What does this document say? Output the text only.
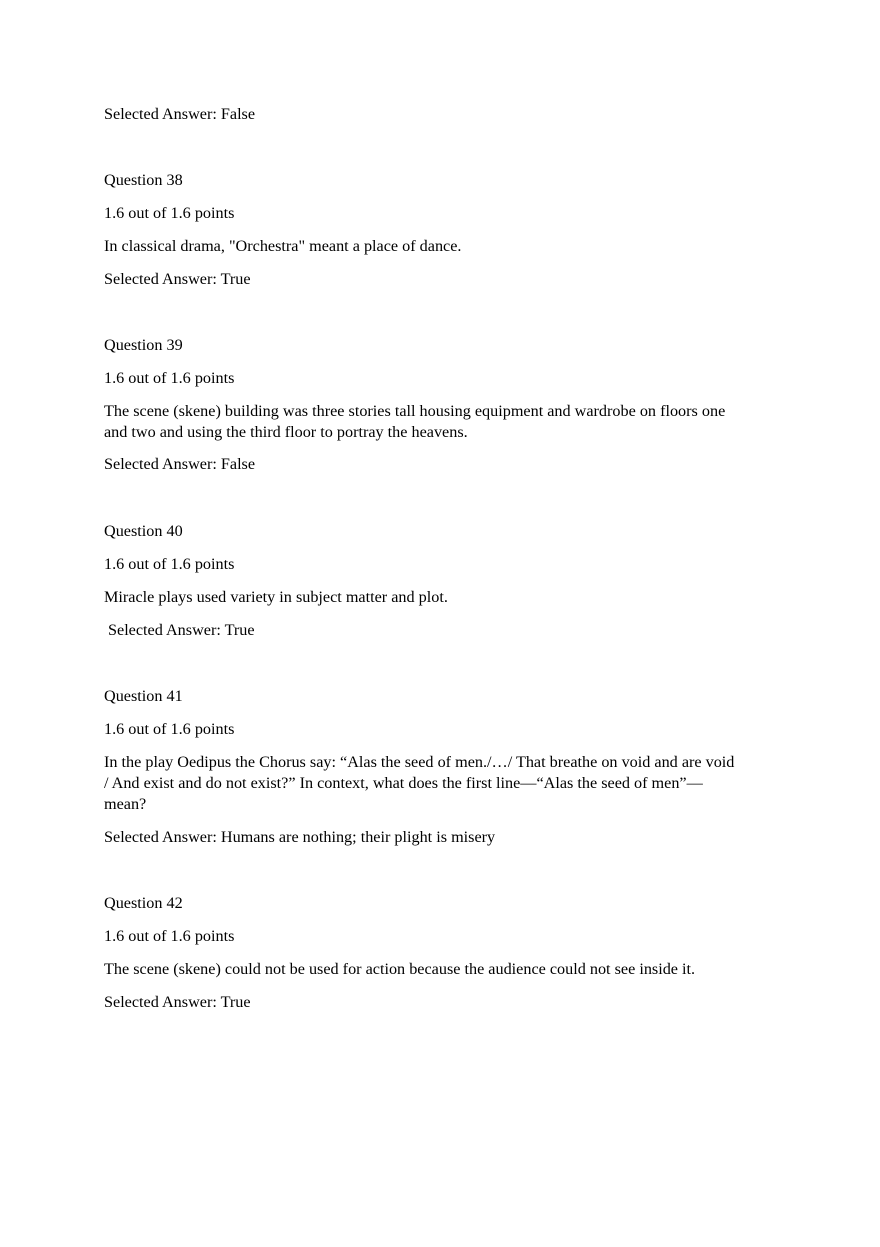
Selected Answer: False
Question 38
1.6 out of 1.6 points
In classical drama, "Orchestra" meant a place of dance.
Selected Answer: True
Question 39
1.6 out of 1.6 points
The scene (skene) building was three stories tall housing equipment and wardrobe on floors one
and two and using the third floor to portray the heavens.
Selected Answer: False
Question 40
1.6 out of 1.6 points
Miracle plays used variety in subject matter and plot.
Selected Answer: True
Question 41
1.6 out of 1.6 points
In the play Oedipus the Chorus say: “Alas the seed of men./…/ That breathe on void and are void
/ And exist and do not exist?” In context, what does the first line—“Alas the seed of men”—
mean?
Selected Answer: Humans are nothing; their plight is misery
Question 42
1.6 out of 1.6 points
The scene (skene) could not be used for action because the audience could not see inside it.
Selected Answer: True
